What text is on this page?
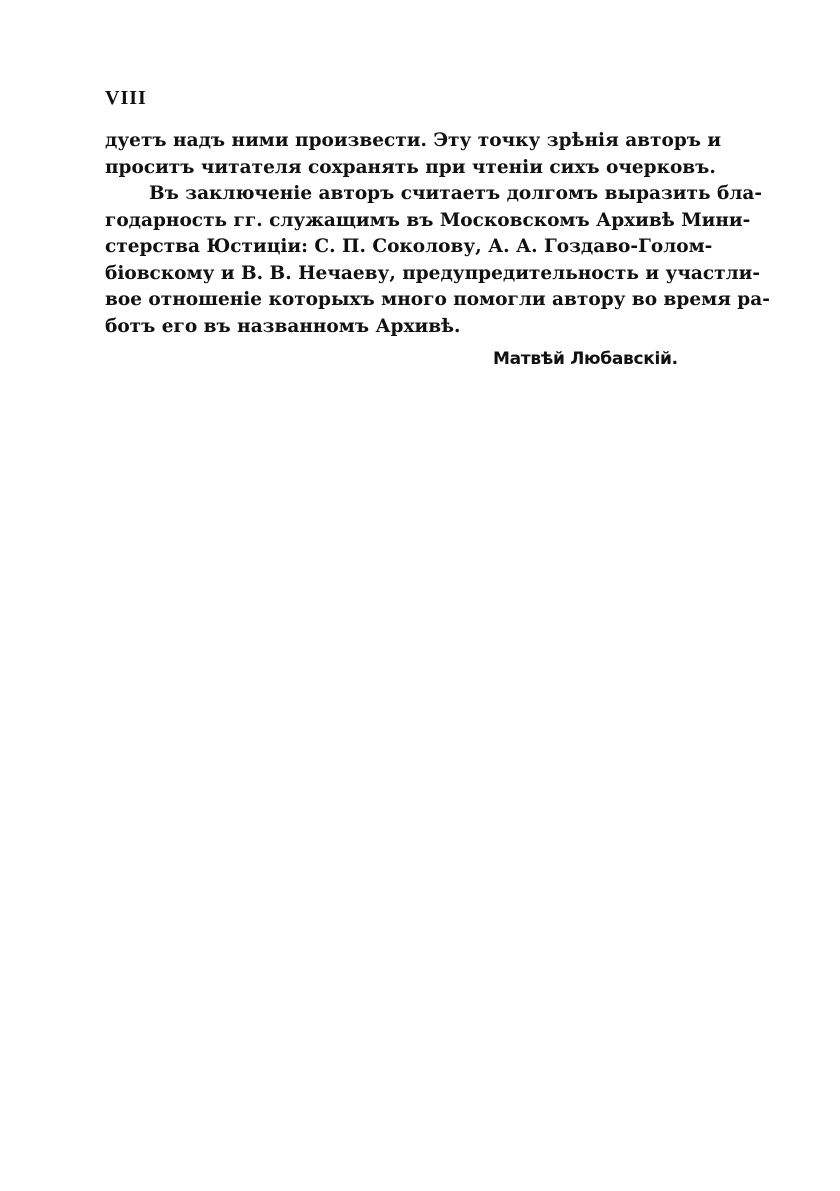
VIII

дуетъ надъ ними произвести. Эту точку зрѣнія авторъ и
проситъ читателя сохранять при чтеніи сихъ очерковъ.
Въ заключеніе авторъ считаетъ долгомъ выразить бла-
годарность гг. служащимъ въ Московскомъ Архивѣ Мини-
стерства Юстиціи: С. П. Соколову, А. А. Гоздаво-Голом-
біовскому и В. В. Нечаеву, предупредительность и участли-
вое отношеніе которыхъ много помогли автору во время ра-
ботъ его въ названномъ Архивѣ.

Матвѣй Любавскій.
